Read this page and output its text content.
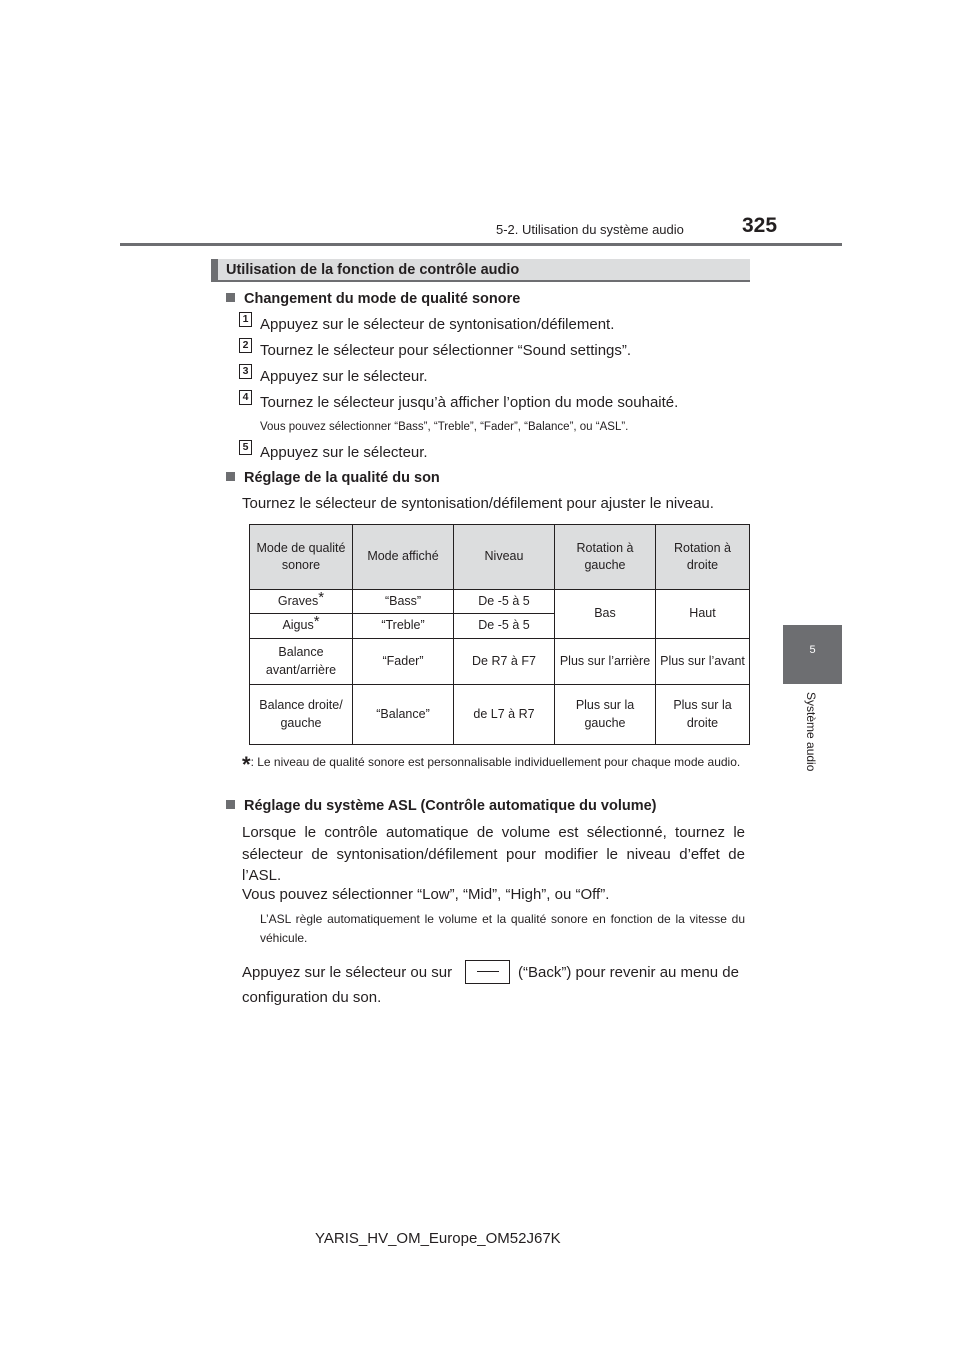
5-2. Utilisation du système audio	325
5
Système audio
Utilisation de la fonction de contrôle audio
Changement du mode de qualité sonore
1 Appuyez sur le sélecteur de syntonisation/défilement.
2 Tournez le sélecteur pour sélectionner “Sound settings”.
3 Appuyez sur le sélecteur.
4 Tournez le sélecteur jusqu’à afficher l’option du mode souhaité.
Vous pouvez sélectionner “Bass”, “Treble”, “Fader”, “Balance”, ou “ASL”.
5 Appuyez sur le sélecteur.
Réglage de la qualité du son
Tournez le sélecteur de syntonisation/défilement pour ajuster le niveau.
Mode de qualité sonore	Mode affiché	Niveau	Rotation à gauche	Rotation à droite
Graves*	“Bass”	De -5 à 5	Bas	Haut
Aigus*	“Treble”	De -5 à 5		
Balance avant/arrière	“Fader”	De R7 à F7	Plus sur l’arrière	Plus sur l’avant
Balance droite/ gauche	“Balance”	de L7 à R7	Plus sur la gauche	Plus sur la droite
*: Le niveau de qualité sonore est personnalisable individuellement pour chaque mode audio.
Réglage du système ASL (Contrôle automatique du volume)
Lorsque le contrôle automatique de volume est sélectionné, tournez le sélecteur de syntonisation/défilement pour modifier le niveau d’effet de l’ASL.
Vous pouvez sélectionner “Low”, “Mid”, “High”, ou “Off”.
L’ASL règle automatiquement le volume et la qualité sonore en fonction de la vitesse du véhicule.
Appuyez sur le sélecteur ou sur	(“Back”) pour revenir au menu de
configuration du son.
YARIS_HV_OM_Europe_OM52J67K
